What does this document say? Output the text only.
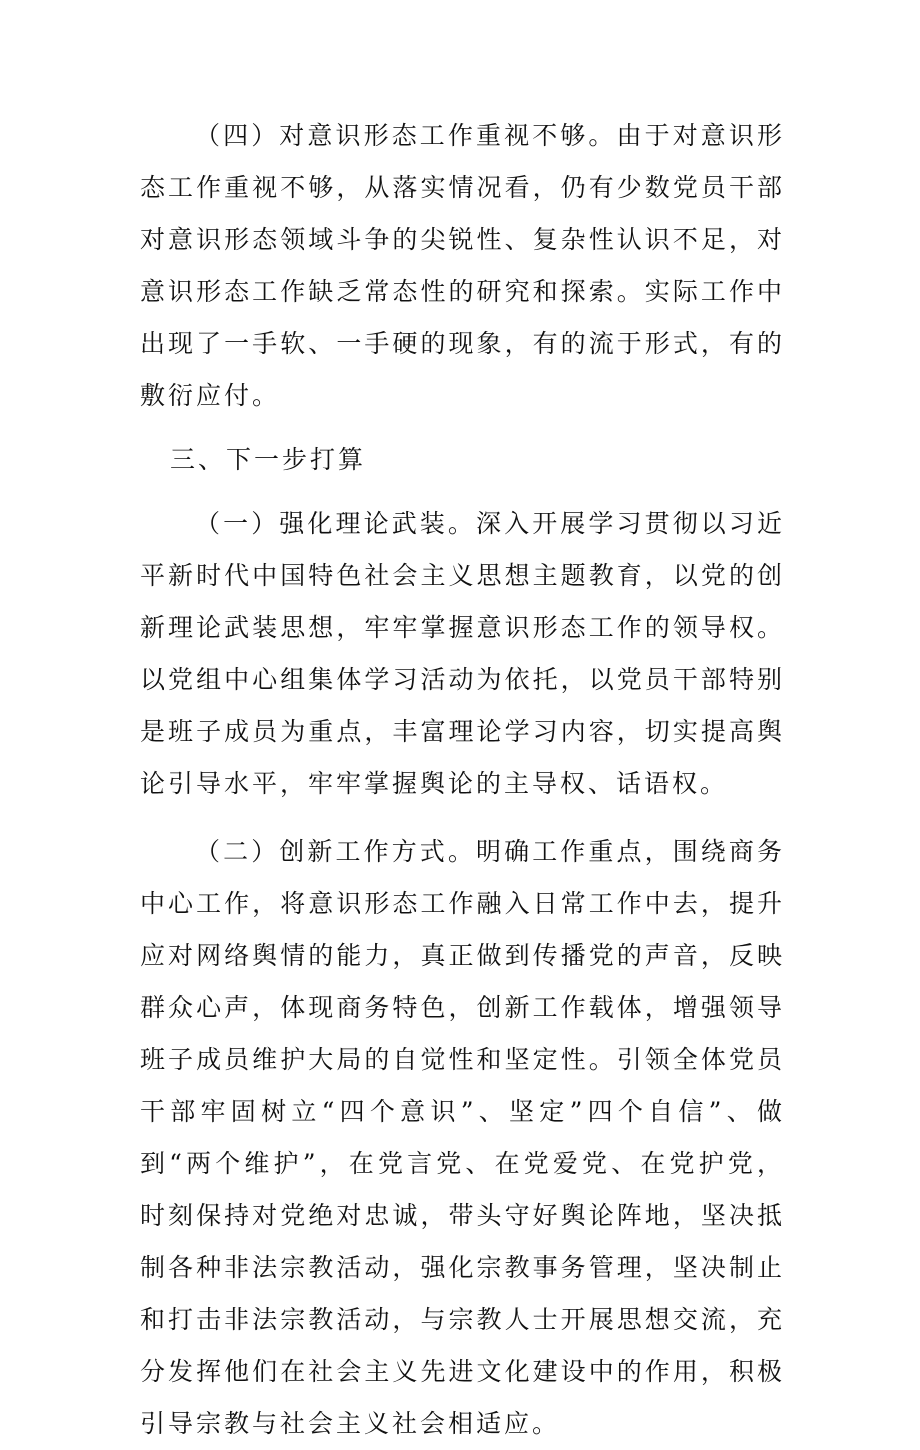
（四）对意识形态工作重视不够。由于对意识形态工作重视不够，从落实情况看，仍有少数党员干部对意识形态领域斗争的尖锐性、复杂性认识不足，对意识形态工作缺乏常态性的研究和探索。实际工作中出现了一手软、一手硬的现象，有的流于形式，有的敷衍应付。

三、下一步打算

（一）强化理论武装。深入开展学习贯彻以习近平新时代中国特色社会主义思想主题教育，以党的创新理论武装思想，牢牢掌握意识形态工作的领导权。以党组中心组集体学习活动为依托，以党员干部特别是班子成员为重点，丰富理论学习内容，切实提高舆论引导水平，牢牢掌握舆论的主导权、话语权。

（二）创新工作方式。明确工作重点，围绕商务中心工作，将意识形态工作融入日常工作中去，提升应对网络舆情的能力，真正做到传播党的声音，反映群众心声，体现商务特色，创新工作载体，增强领导班子成员维护大局的自觉性和坚定性。引领全体党员干部牢固树立“四个意识”、坚定”四个自信”、做到“两个维护”，在党言党、在党爱党、在党护党，时刻保持对党绝对忠诚，带头守好舆论阵地，坚决抵制各种非法宗教活动，强化宗教事务管理，坚决制止和打击非法宗教活动，与宗教人士开展思想交流，充分发挥他们在社会主义先进文化建设中的作用，积极引导宗教与社会主义社会相适应。
